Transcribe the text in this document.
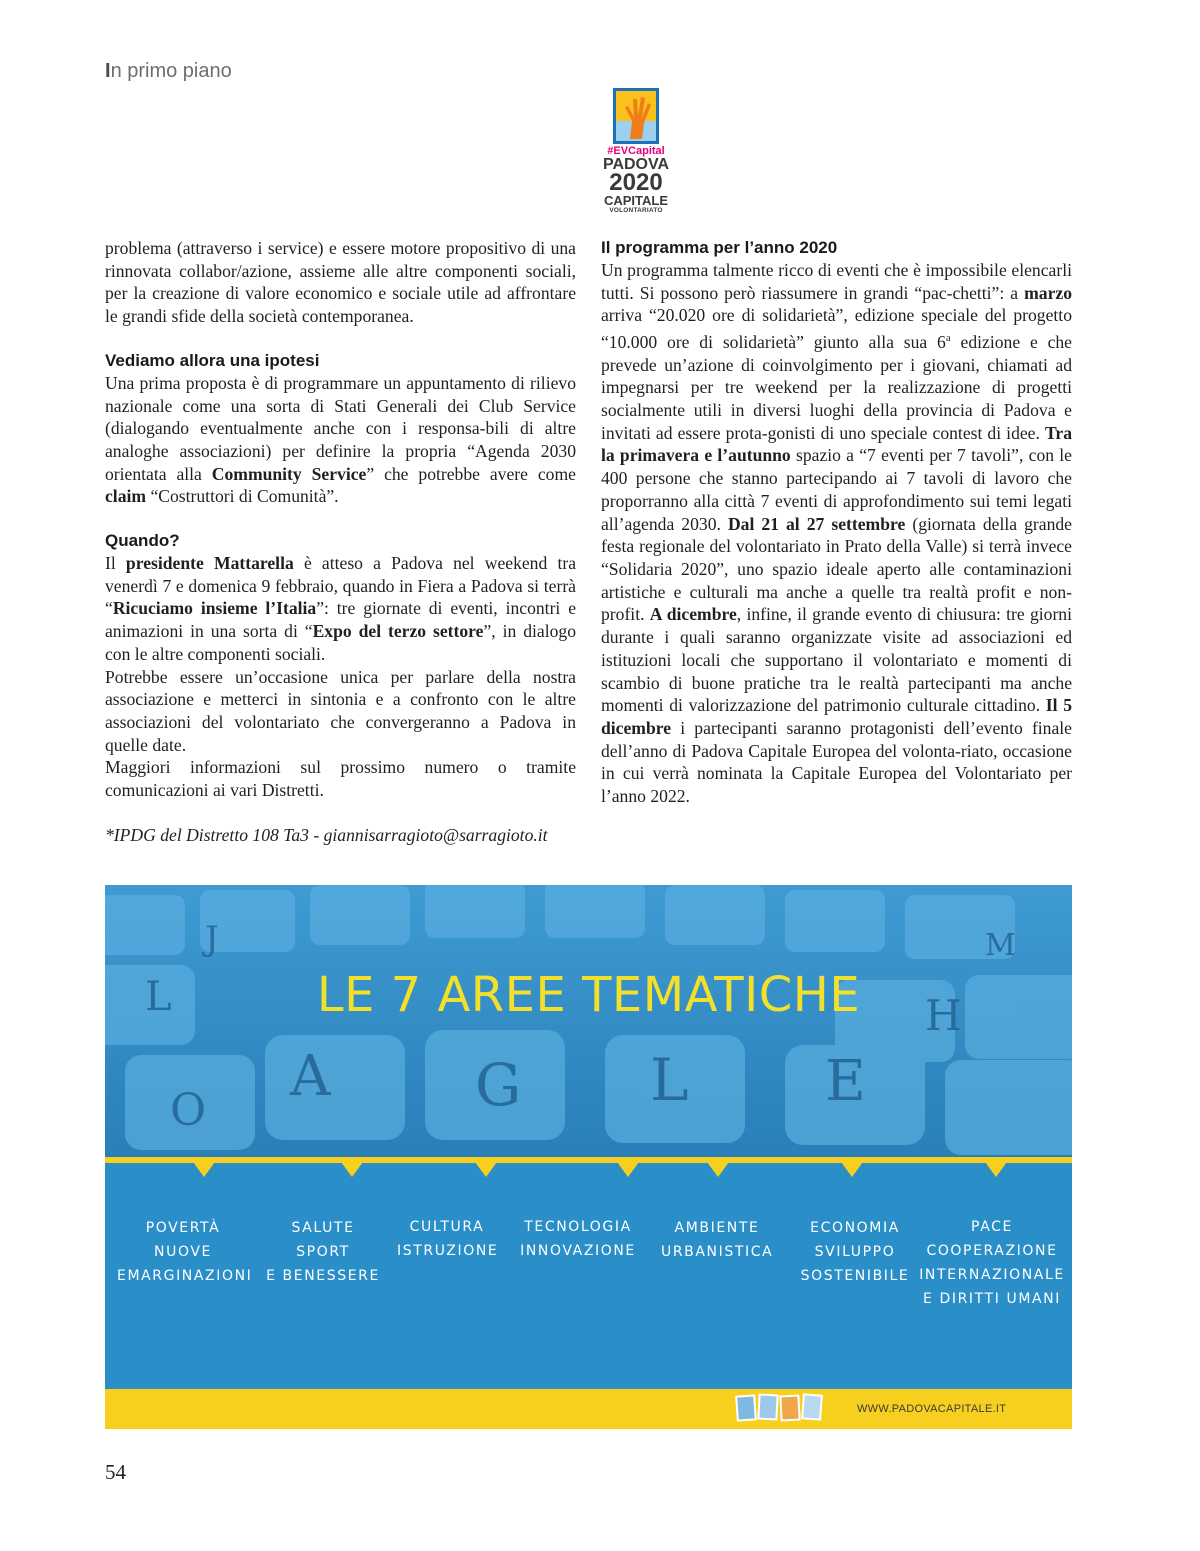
In primo piano
#EVCapital
PADOVA
2020
CAPITALE
VOLONTARIATO

problema (attraverso i service) e essere motore propositivo di una rinnovata collabor/azione, assieme alle altre componenti sociali, per la creazione di valore economico e sociale utile ad affrontare le grandi sfide della società contemporanea.

Vediamo allora una ipotesi

Una prima proposta è di programmare un appuntamento di rilievo nazionale come una sorta di Stati Generali dei Club Service (dialogando eventualmente anche con i responsa-bili di altre analoghe associazioni) per definire la propria “Agenda 2030 orientata alla Community Service” che potrebbe avere come claim “Costruttori di Comunità”.

Quando?

Il presidente Mattarella è atteso a Padova nel weekend tra venerdì 7 e domenica 9 febbraio, quando in Fiera a Padova si terrà “Ricuciamo insieme l’Italia”: tre giornate di eventi, incontri e animazioni in una sorta di “Expo del terzo settore”, in dialogo con le altre componenti sociali.

Potrebbe essere un’occasione unica per parlare della nostra associazione e metterci in sintonia e a confronto con le altre associazioni del volontariato che convergeranno a Padova in quelle date.

Maggiori informazioni sul prossimo numero o tramite comunicazioni ai vari Distretti.

*IPDG del Distretto 108 Ta3 - giannisarragioto@sarragioto.it

Il programma per l’anno 2020

Un programma talmente ricco di eventi che è impossibile elencarli tutti. Si possono però riassumere in grandi “pac-chetti”: a marzo arriva “20.020 ore di solidarietà”, edizione speciale del progetto “10.000 ore di solidarietà” giunto alla sua 6$^a$ edizione e che prevede un’azione di coinvolgimento per i giovani, chiamati ad impegnarsi per tre weekend per la realizzazione di progetti socialmente utili in diversi luoghi della provincia di Padova e invitati ad essere prota-gonisti di uno speciale contest di idee. Tra la primavera e l’autunno spazio a “7 eventi per 7 tavoli”, con le 400 persone che stanno partecipando ai 7 tavoli di lavoro che proporranno alla città 7 eventi di approfondimento sui temi legati all’agenda 2030. Dal 21 al 27 settembre (giornata della grande festa regionale del volontariato in Prato della Valle) si terrà invece “Solidaria 2020”, uno spazio ideale aperto alle contaminazioni artistiche e culturali ma anche a quelle tra realtà profit e non-profit. A dicembre, infine, il grande evento di chiusura: tre giorni durante i quali saranno organizzate visite ad associazioni ed istituzioni locali che supportano il volontariato e momenti di scambio di buone pratiche tra le realtà partecipanti ma anche momenti di valorizzazione del patrimonio culturale cittadino. Il 5 dicembre i partecipanti saranno protagonisti dell’evento finale dell’anno di Padova Capitale Europea del volonta-riato, occasione in cui verrà nominata la Capitale Europea del Volontariato per l’anno 2022.

J
L	H
M
O
A G L E
LE 7 AREE TEMATICHE
POVERTÀ
NUOVE
EMARGINAZIONI
SALUTE
SPORT
E BENESSERE
CULTURA
ISTRUZIONE
TECNOLOGIA
INNOVAZIONE
AMBIENTE
URBANISTICA
ECONOMIA
SVILUPPO
SOSTENIBILE
PACE
COOPERAZIONE
INTERNAZIONALE
E DIRITTI UMANI
WWW.PADOVACAPITALE.IT
54
